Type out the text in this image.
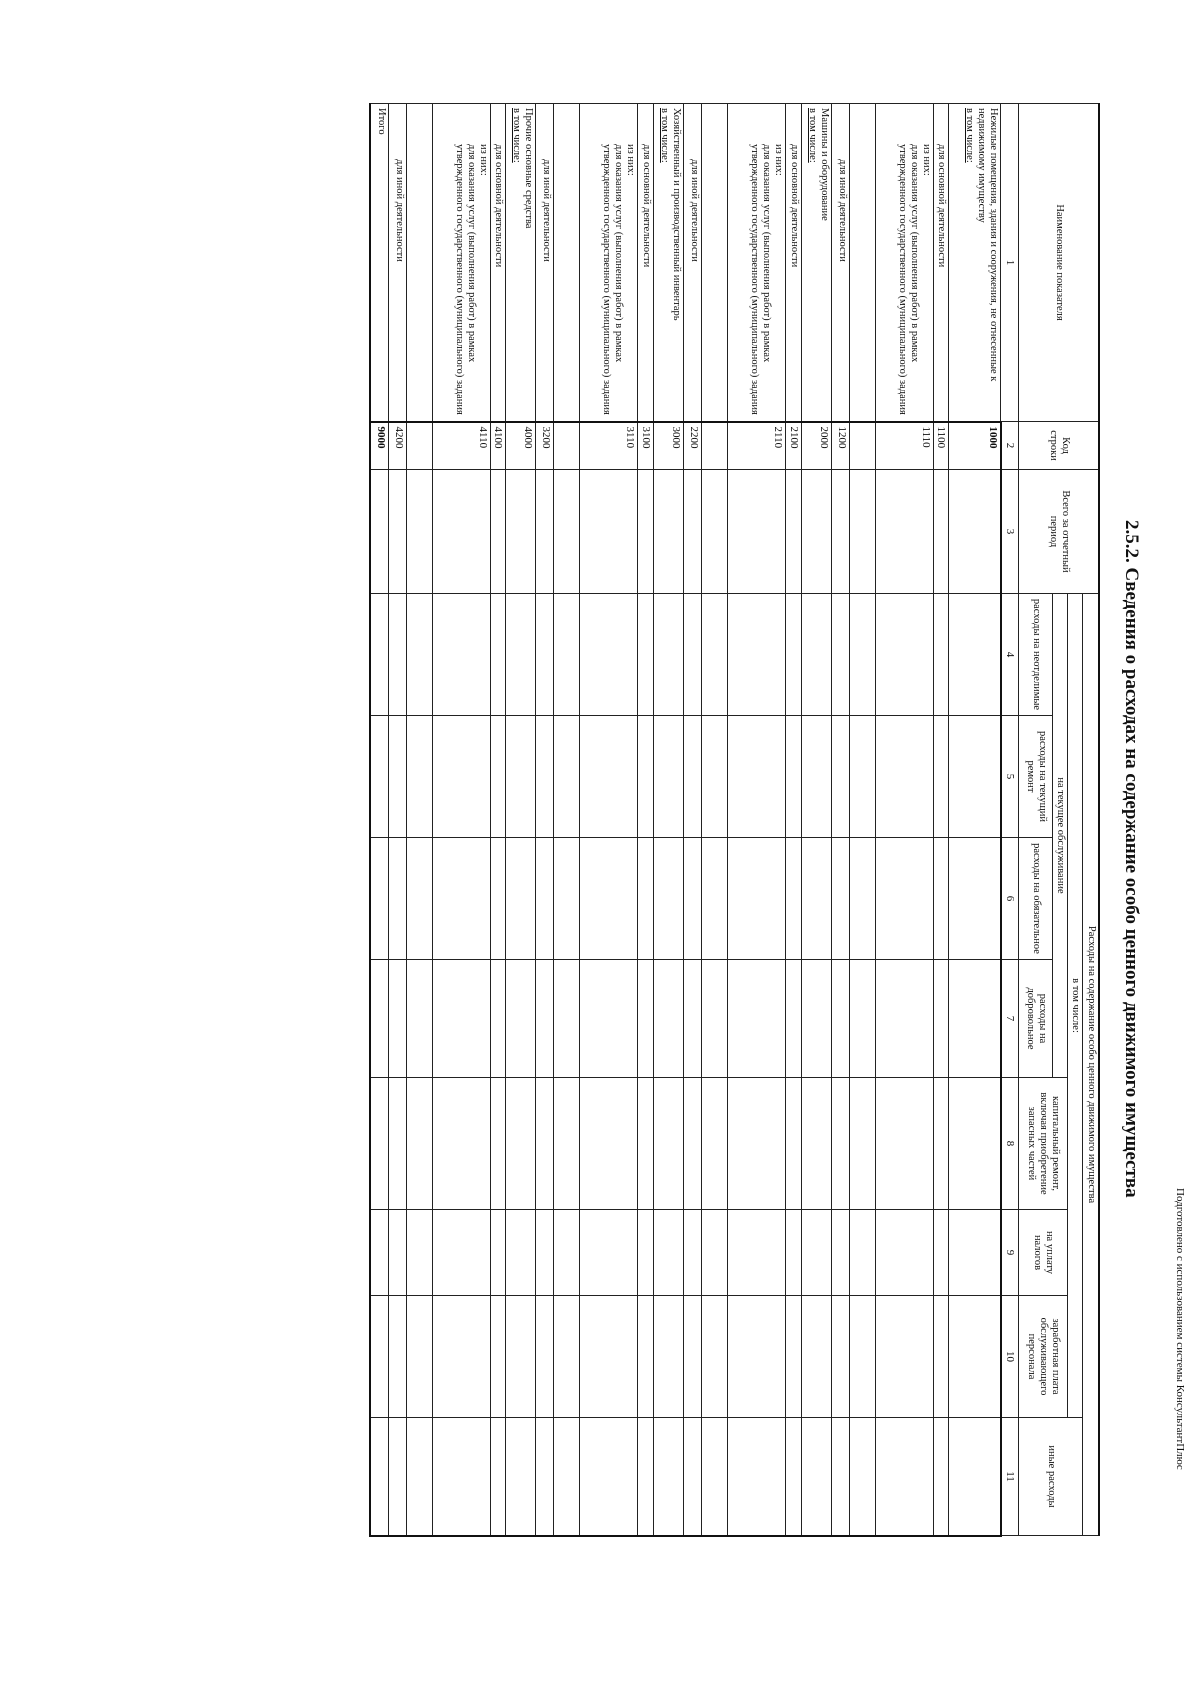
Подготовлено с использованием системы КонсультантПлюс
2.5.2. Сведения о расходах на содержание особо ценного движимого имущества
Наименование показателя	Код строки	Всего за отчетный период	Расходы на содержание особо ценного движимого имущества							
			в том числе:							иные расходы
			на текущее обслуживание				капитальный ремонт, включая приобретение запасных частей	на уплату налогов	заработная плата обслуживающего персонала	
			расходы на неотделимые	расходы на текущий ремонт	расходы на обязательное	расходы на добровольное				
1	2	3	4	5	6	7	8	9	10	11
Нежилые помещения, здания и сооружения, не отнесенные к недвижимому имуществу
в том числе:	1000									
для основной деятельности	1100									
из них:
для оказания услуг (выполнения работ) в рамках утвержденного государственного (муниципального) задания	1110									

для иной деятельности	1200									
Машины и оборудование
в том числе:	2000									
для основной деятельности	2100									
из них:
для оказания услуг (выполнения работ) в рамках утвержденного государственного (муниципального) задания	2110									

для иной деятельности	2200									
Хозяйственный и производственный инвентарь
в том числе:	3000									
для основной деятельности	3100									
из них:
для оказания услуг (выполнения работ) в рамках утвержденного государственного (муниципального) задания	3110									

для иной деятельности	3200									
Прочие основные средства
в том числе:	4000									
для основной деятельности	4100									
из них:
для оказания услуг (выполнения работ) в рамках утвержденного государственного (муниципального) задания	4110									

для иной деятельности	4200									
Итого	9000									
